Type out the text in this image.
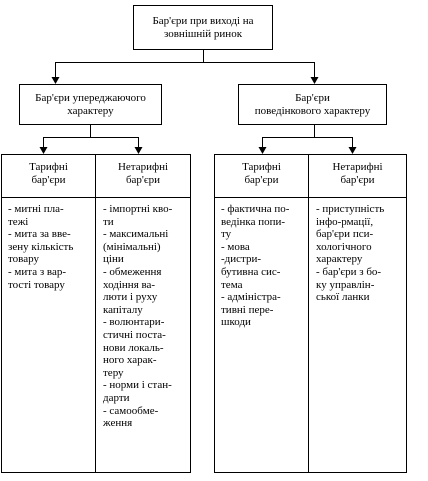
Бар'єри при виході на
зовнішній ринок
Бар'єри упереджаючого
характеру
Бар'єри
поведінкового характеру
Тарифні
бар'єри
Нетарифні
бар'єри
- митні пла-
тежі
- мита за вве-
зену кількість
товару
- мита з вар-
тості товару
- імпортні кво-
ти
- максимальні
(мінімальні)
ціни
- обмеження
ходіння ва-
люти і руху
капіталу
- волюнтари-
стичні поста-
нови локаль-
ного харак-
теру
- норми і стан-
дарти
- самообме-
ження
Тарифні
бар'єри
Нетарифні
бар'єри
- фактична по-
ведінка попи-
ту
- мова
-дистри-
бутивна сис-
тема
- адміністра-
тивні пере-
шкоди
- приступність
інфо-рмації,
бар'єри пси-
хологічного
характеру
- бар'єри з бо-
ку управлін-
ської ланки
